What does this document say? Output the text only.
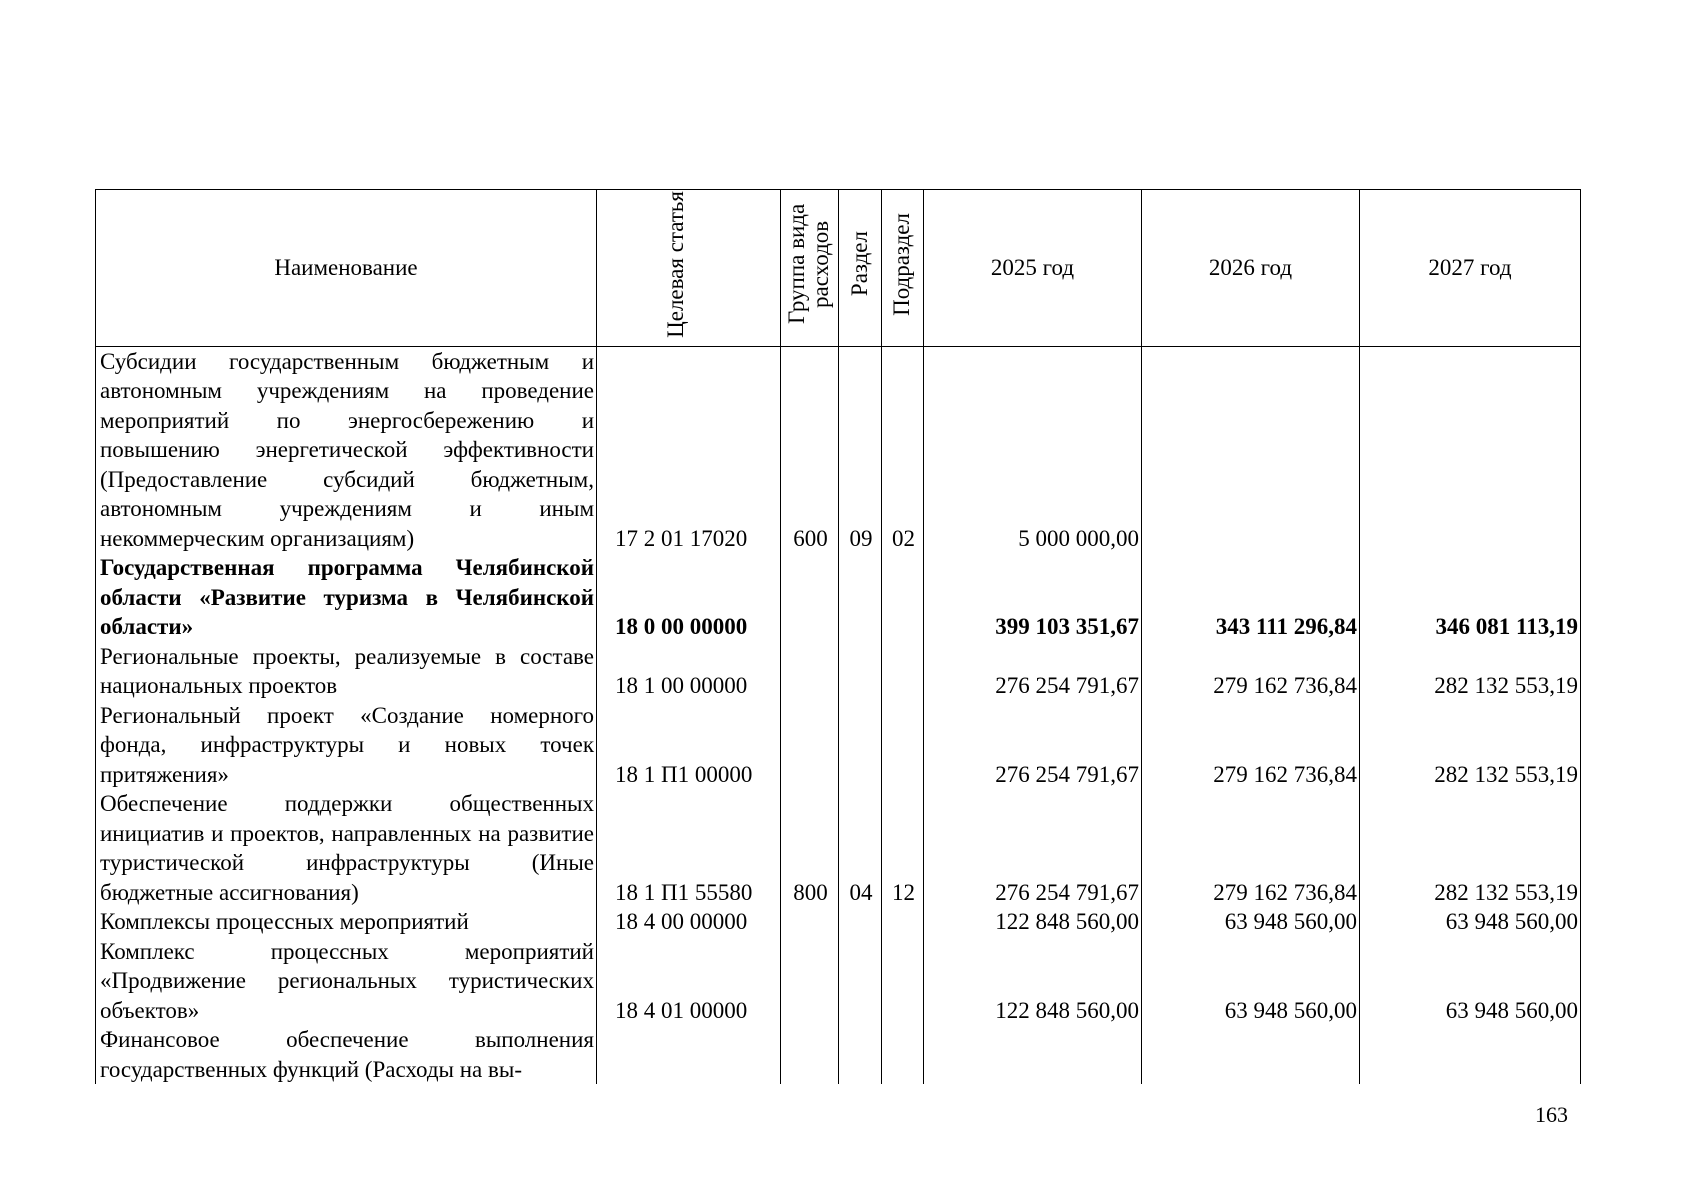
Наименование	Целевая статья	Группа вида расходов	Раздел	Подраздел	2025 год	2026 год	2027 год
Субсидии государственным бюджетным и автономным учреждениям на проведение мероприятий по энергосбережению и повышению энергетической эффективности (Предоставление субсидий бюджетным, автономным учреждениям и иным некоммерческим организациям)	17 2 01 17020	600	09	02	5 000 000,00		
Государственная программа Челябинской области «Развитие туризма в Челябинской области»	18 0 00 00000				399 103 351,67	343 111 296,84	346 081 113,19
Региональные проекты, реализуемые в составе национальных проектов	18 1 00 00000				276 254 791,67	279 162 736,84	282 132 553,19
Региональный проект «Создание номерного фонда, инфраструктуры и новых точек притяжения»	18 1 П1 00000				276 254 791,67	279 162 736,84	282 132 553,19
Обеспечение поддержки общественных инициатив и проектов, направленных на развитие туристической инфраструктуры (Иные бюджетные ассигнования)	18 1 П1 55580	800	04	12	276 254 791,67	279 162 736,84	282 132 553,19
Комплексы процессных мероприятий	18 4 00 00000				122 848 560,00	63 948 560,00	63 948 560,00
Комплекс процессных мероприятий «Продвижение региональных туристических объектов»	18 4 01 00000				122 848 560,00	63 948 560,00	63 948 560,00
Финансовое обеспечение выполнения государственных функций (Расходы на вы-							
163
